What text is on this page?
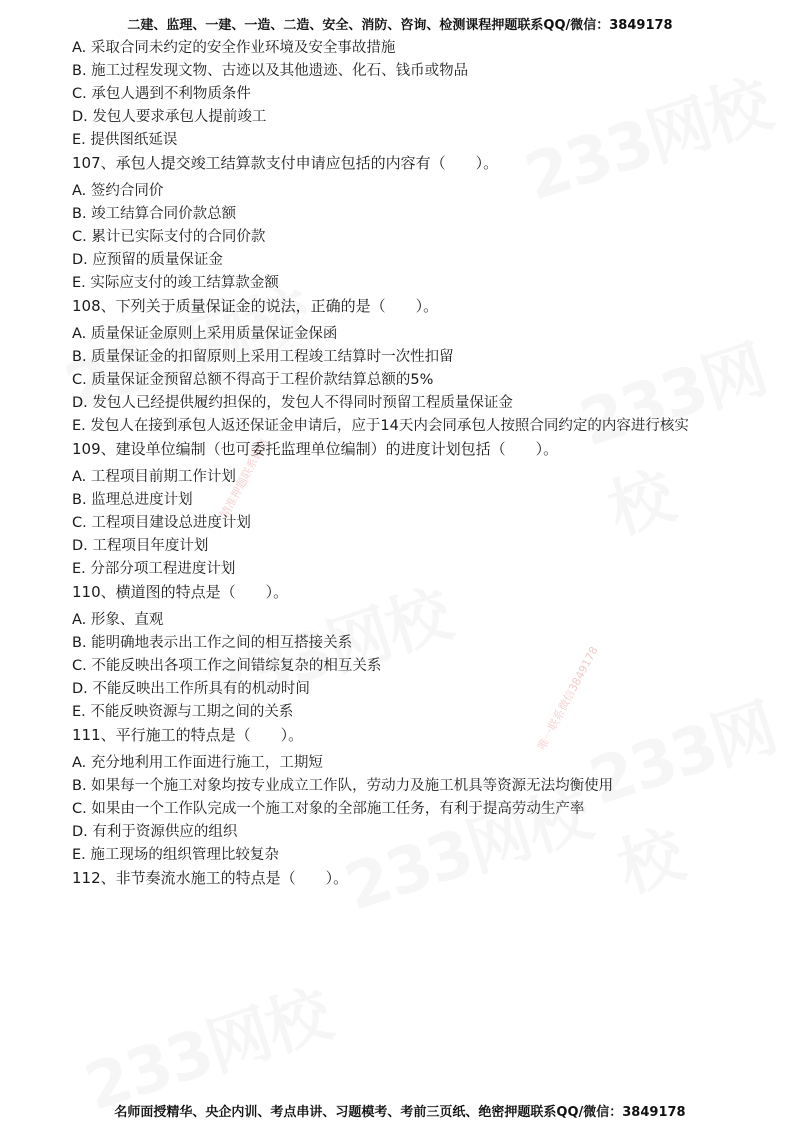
唯一联系微信3849178
精准押题联系微信
二建、监理、一建、一造、二造、安全、消防、咨询、检测课程押题联系QQ/微信：3849178
A. 采取合同未约定的安全作业环境及安全事故措施
B. 施工过程发现文物、古迹以及其他遗迹、化石、钱币或物品
C. 承包人遇到不利物质条件
D. 发包人要求承包人提前竣工
E. 提供图纸延误
107、承包人提交竣工结算款支付申请应包括的内容有（　　）。
A. 签约合同价
B. 竣工结算合同价款总额
C. 累计已实际支付的合同价款
D. 应预留的质量保证金
E. 实际应支付的竣工结算款金额
108、下列关于质量保证金的说法，正确的是（　　）。
A. 质量保证金原则上采用质量保证金保函
B. 质量保证金的扣留原则上采用工程竣工结算时一次性扣留
C. 质量保证金预留总额不得高于工程价款结算总额的5%
D. 发包人已经提供履约担保的，发包人不得同时预留工程质量保证金
E. 发包人在接到承包人返还保证金申请后，应于14天内会同承包人按照合同约定的内容进行核实
109、建设单位编制（也可委托监理单位编制）的进度计划包括（　　）。
A. 工程项目前期工作计划
B. 监理总进度计划
C. 工程项目建设总进度计划
D. 工程项目年度计划
E. 分部分项工程进度计划
110、横道图的特点是（　　）。
A. 形象、直观
B. 能明确地表示出工作之间的相互搭接关系
C. 不能反映出各项工作之间错综复杂的相互关系
D. 不能反映出工作所具有的机动时间
E. 不能反映资源与工期之间的关系
111、平行施工的特点是（　　）。
A. 充分地利用工作面进行施工，工期短
B. 如果每一个施工对象均按专业成立工作队，劳动力及施工机具等资源无法均衡使用
C. 如果由一个工作队完成一个施工对象的全部施工任务，有利于提高劳动生产率
D. 有利于资源供应的组织
E. 施工现场的组织管理比较复杂
112、非节奏流水施工的特点是（　　）。
名师面授精华、央企内训、考点串讲、习题模考、考前三页纸、绝密押题联系QQ/微信：3849178
